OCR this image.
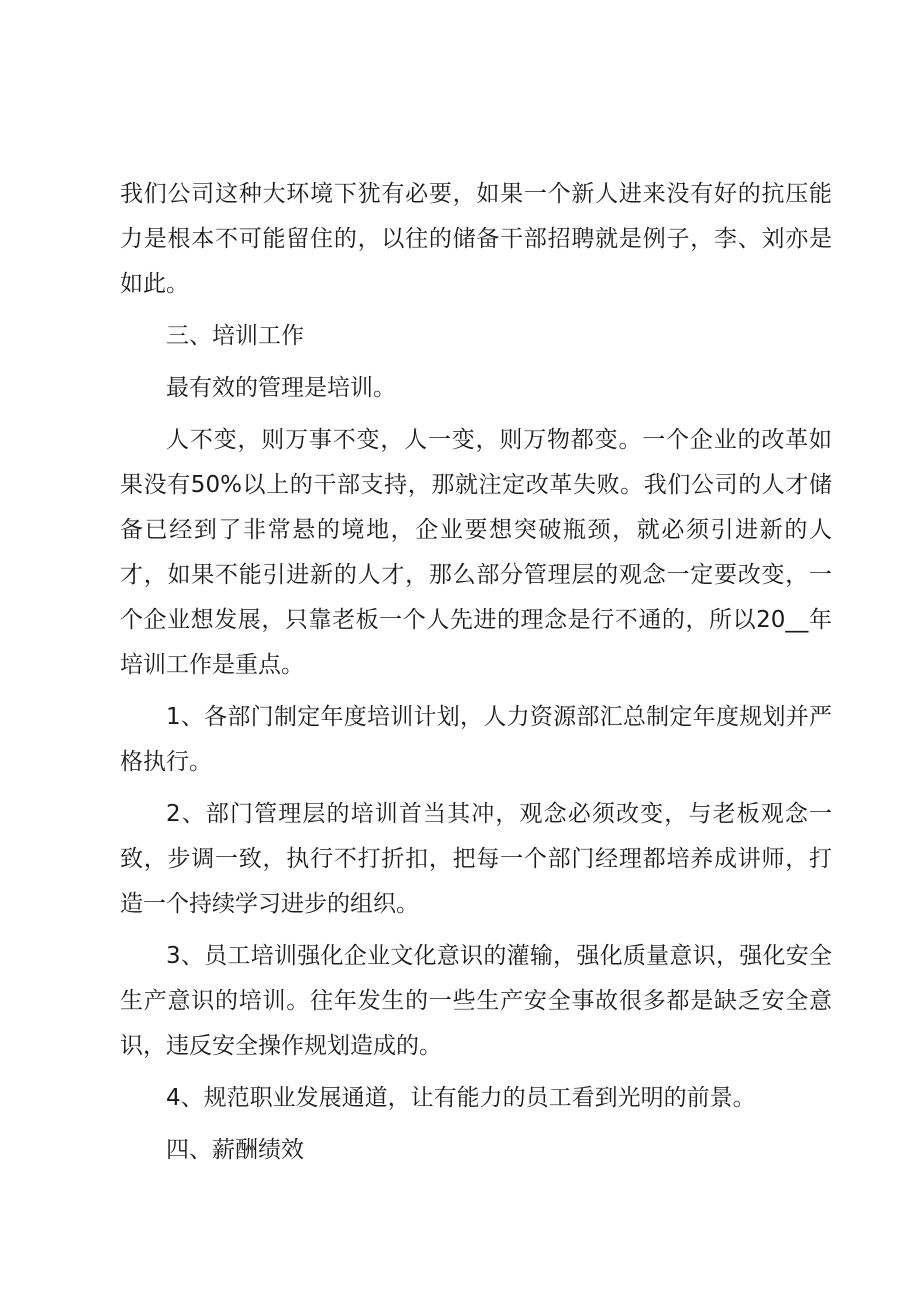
我们公司这种大环境下犹有必要，如果一个新人进来没有好的抗压能力是根本不可能留住的，以往的储备干部招聘就是例子，李、刘亦是如此。

三、培训工作

最有效的管理是培训。

人不变，则万事不变，人一变，则万物都变。一个企业的改革如果没有50%以上的干部支持，那就注定改革失败。我们公司的人才储备已经到了非常悬的境地，企业要想突破瓶颈，就必须引进新的人才，如果不能引进新的人才，那么部分管理层的观念一定要改变，一个企业想发展，只靠老板一个人先进的理念是行不通的，所以20__年培训工作是重点。

1、各部门制定年度培训计划，人力资源部汇总制定年度规划并严格执行。

2、部门管理层的培训首当其冲，观念必须改变，与老板观念一致，步调一致，执行不打折扣，把每一个部门经理都培养成讲师，打造一个持续学习进步的组织。

3、员工培训强化企业文化意识的灌输，强化质量意识，强化安全生产意识的培训。往年发生的一些生产安全事故很多都是缺乏安全意识，违反安全操作规划造成的。

4、规范职业发展通道，让有能力的员工看到光明的前景。

四、薪酬绩效
